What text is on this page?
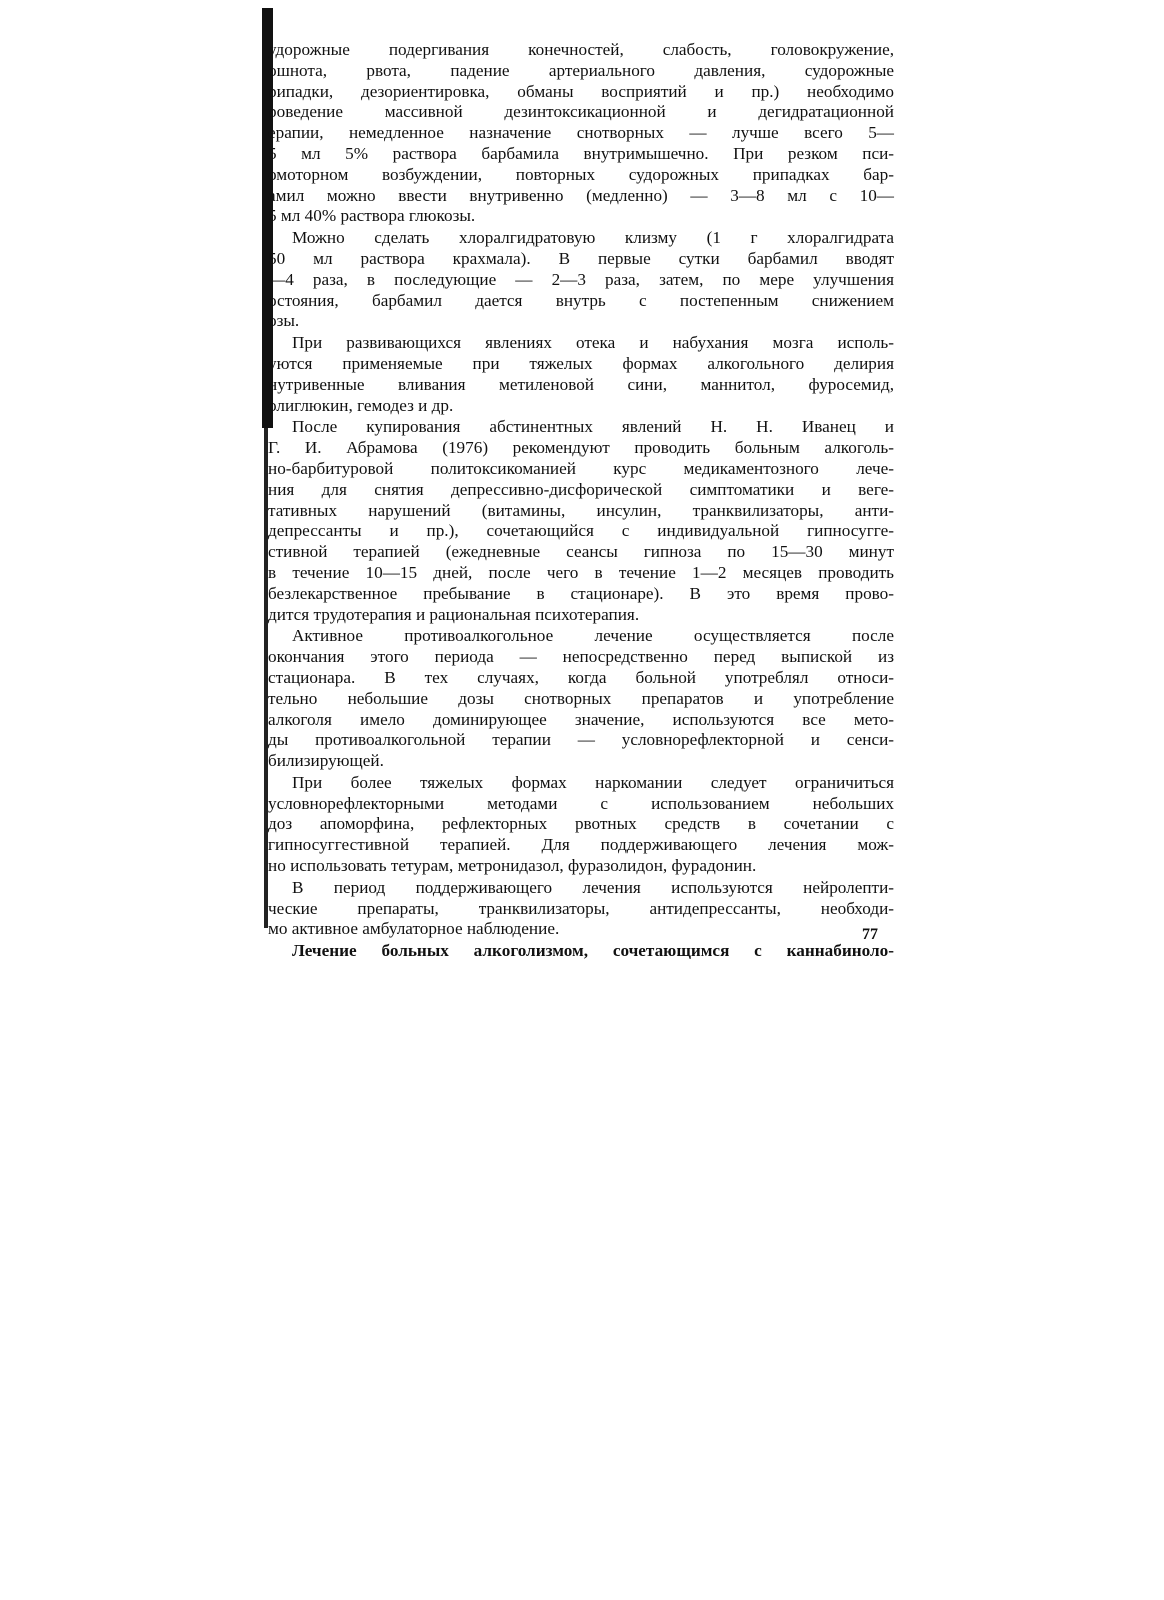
удорожные подергивания конечностей, слабость, головокружение,
ошнота, рвота, падение артериального давления, судорожные
рипадки, дезориентировка, обманы восприятий и пр.) необходимо
роведение массивной дезинтоксикационной и дегидратационной
ерапии, немедленное назначение снотворных — лучше всего 5—
5 мл 5% раствора барбамила внутримышечно. При резком пси-
омоторном возбуждении, повторных судорожных припадках бар-
амил можно ввести внутривенно (медленно) — 3—8 мл с 10—
5 мл 40% раствора глюкозы.
Можно сделать хлоралгидратовую клизму (1 г хлоралгидрата
50 мл раствора крахмала). В первые сутки барбамил вводят
—4 раза, в последующие — 2—3 раза, затем, по мере улучшения
остояния, барбамил дается внутрь с постепенным снижением
озы.
При развивающихся явлениях отека и набухания мозга исполь-
уются применяемые при тяжелых формах алкогольного делирия
нутривенные вливания метиленовой сини, маннитол, фуросемид,
олиглюкин, гемодез и др.
После купирования абстинентных явлений Н. Н. Иванец и
Г. И. Абрамова (1976) рекомендуют проводить больным алкоголь-
но-барбитуровой политоксикоманией курс медикаментозного лече-
ния для снятия депрессивно-дисфорической симптоматики и веге-
тативных нарушений (витамины, инсулин, транквилизаторы, анти-
депрессанты и пр.), сочетающийся с индивидуальной гипносугге-
стивной терапией (ежедневные сеансы гипноза по 15—30 минут
в течение 10—15 дней, после чего в течение 1—2 месяцев проводить
безлекарственное пребывание в стационаре). В это время прово-
дится трудотерапия и рациональная психотерапия.
Активное противоалкогольное лечение осуществляется после
окончания этого периода — непосредственно перед выпиской из
стационара. В тех случаях, когда больной употреблял относи-
тельно небольшие дозы снотворных препаратов и употребление
алкоголя имело доминирующее значение, используются все мето-
ды противоалкогольной терапии — условнорефлекторной и сенси-
билизирующей.
При более тяжелых формах наркомании следует ограничиться
условнорефлекторными методами с использованием небольших
доз апоморфина, рефлекторных рвотных средств в сочетании с
гипносуггестивной терапией. Для поддерживающего лечения мож-
но использовать тетурам, метронидазол, фуразолидон, фурадонин.
В период поддерживающего лечения используются нейролепти-
ческие препараты, транквилизаторы, антидепрессанты, необходи-
мо активное амбулаторное наблюдение.
Лечение больных алкоголизмом, сочетающимся с каннабиноло-
77
